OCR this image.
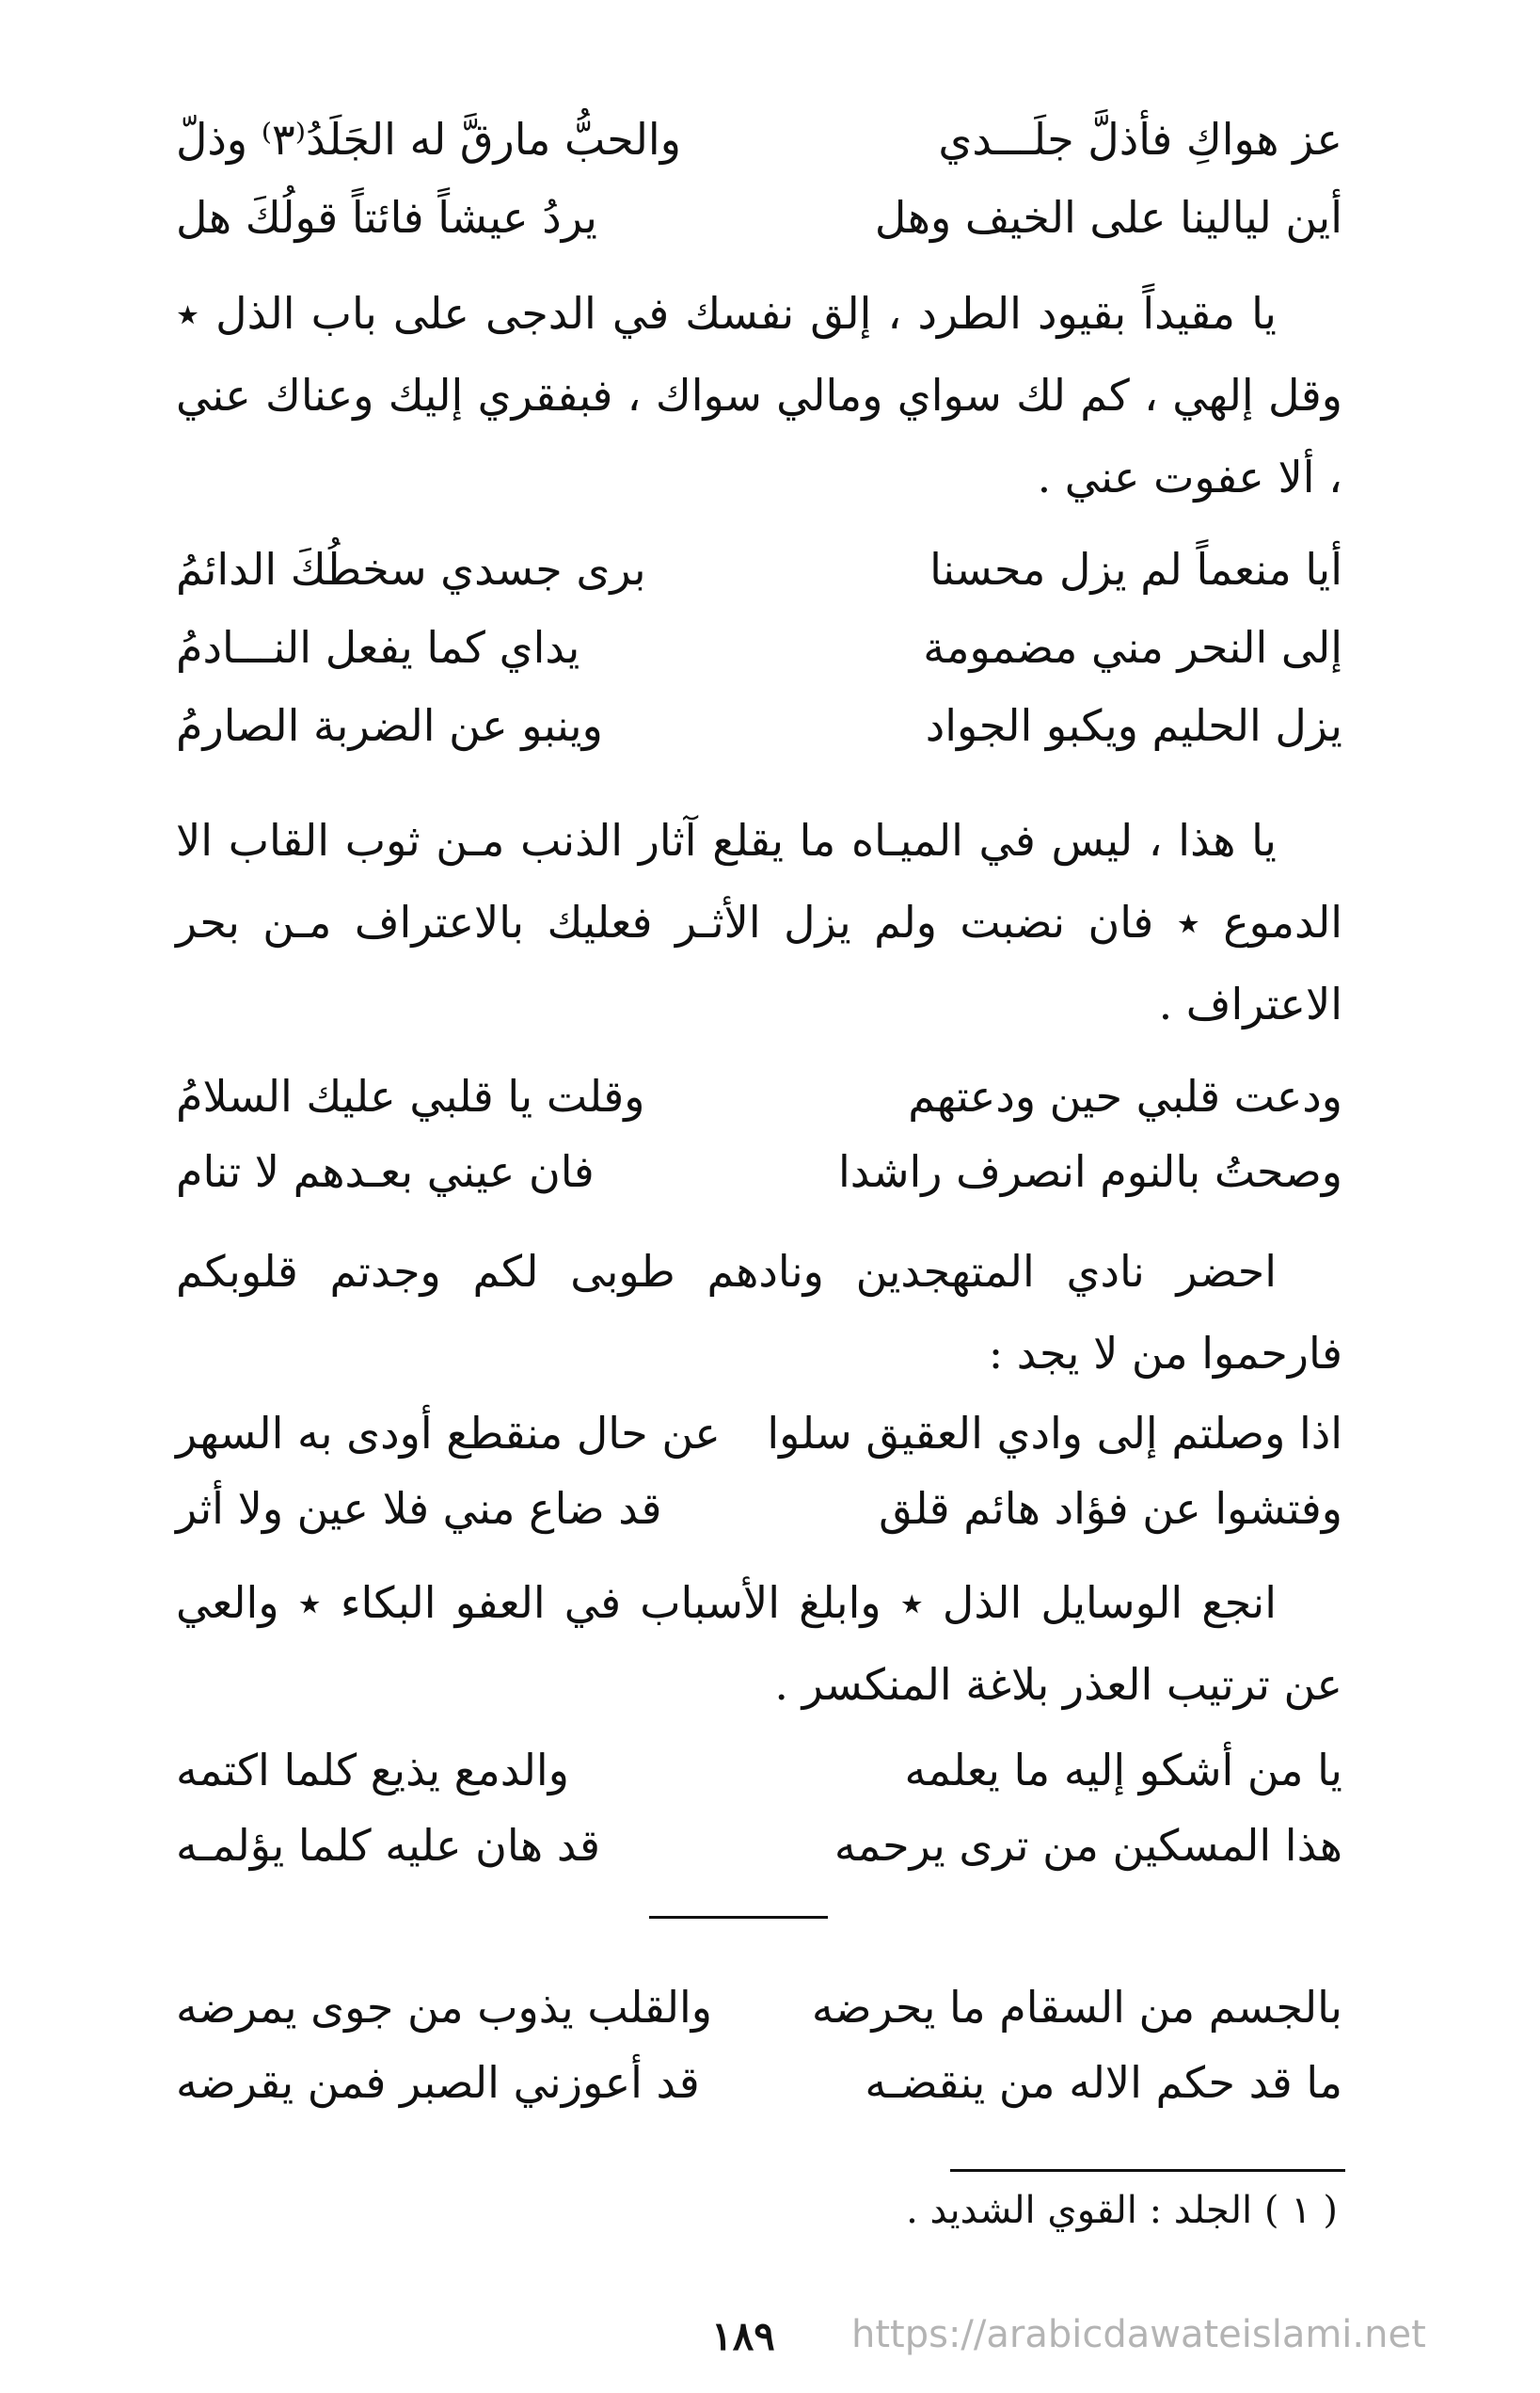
عز هواكِ فأذلَّ جلَـــدي
والحبُّ مارقَّ له الجَلَدُ⁽٣⁾ وذلّ
أين ليالينا على الخيف وهل
يردُ عيشاً فائتاً قولُكَ هل
يا مقيداً بقيود الطرد ، إلق نفسك في الدجى على باب الذل ٭ وقل إلهي ، كم لك سواي ومالي سواك ، فبفقري إليك وعناك عني ، ألا عفوت عني .
أيا منعماً لم يزل محسنا
برى جسدي سخطُكَ الدائمُ
إلى النحر مني مضمومة
يداي كما يفعل النـــادمُ
يزل الحليم ويكبو الجواد
وينبو عن الضربة الصارمُ
يا هذا ، ليس في الميـاه ما يقلع آثار الذنب مـن ثوب القاب الا الدموع ٭ فان نضبت ولم يزل الأثـر فعليك بالاعتراف مـن بحر الاعتراف .
ودعت قلبي حين ودعتهم
وقلت يا قلبي عليك السلامُ
وصحتُ بالنوم انصرف راشدا
فان عيني بعـدهم لا تنام
احضر نادي المتهجدين ونادهم طوبى لكم وجدتم قلوبكم فارحموا من لا يجد :
اذا وصلتم إلى وادي العقيق سلوا
عن حال منقطع أودى به السهر
وفتشوا عن فؤاد هائم قلق
قد ضاع مني فلا عين ولا أثر
انجع الوسايل الذل ٭ وابلغ الأسباب في العفو البكاء ٭ والعي عن ترتيب العذر بلاغة المنكسر .
يا من أشكو إليه ما يعلمه
والدمع يذيع كلما اكتمه
هذا المسكين من ترى يرحمه
قد هان عليه كلما يؤلمـه
بالجسم من السقام ما يحرضه
والقلب يذوب من جوى يمرضه
ما قد حكم الاله من ينقضـه
قد أعوزني الصبر فمن يقرضه
( ١ ) الجلد : القوي الشديد .
١٨٩	https://arabicdawateislami.net
